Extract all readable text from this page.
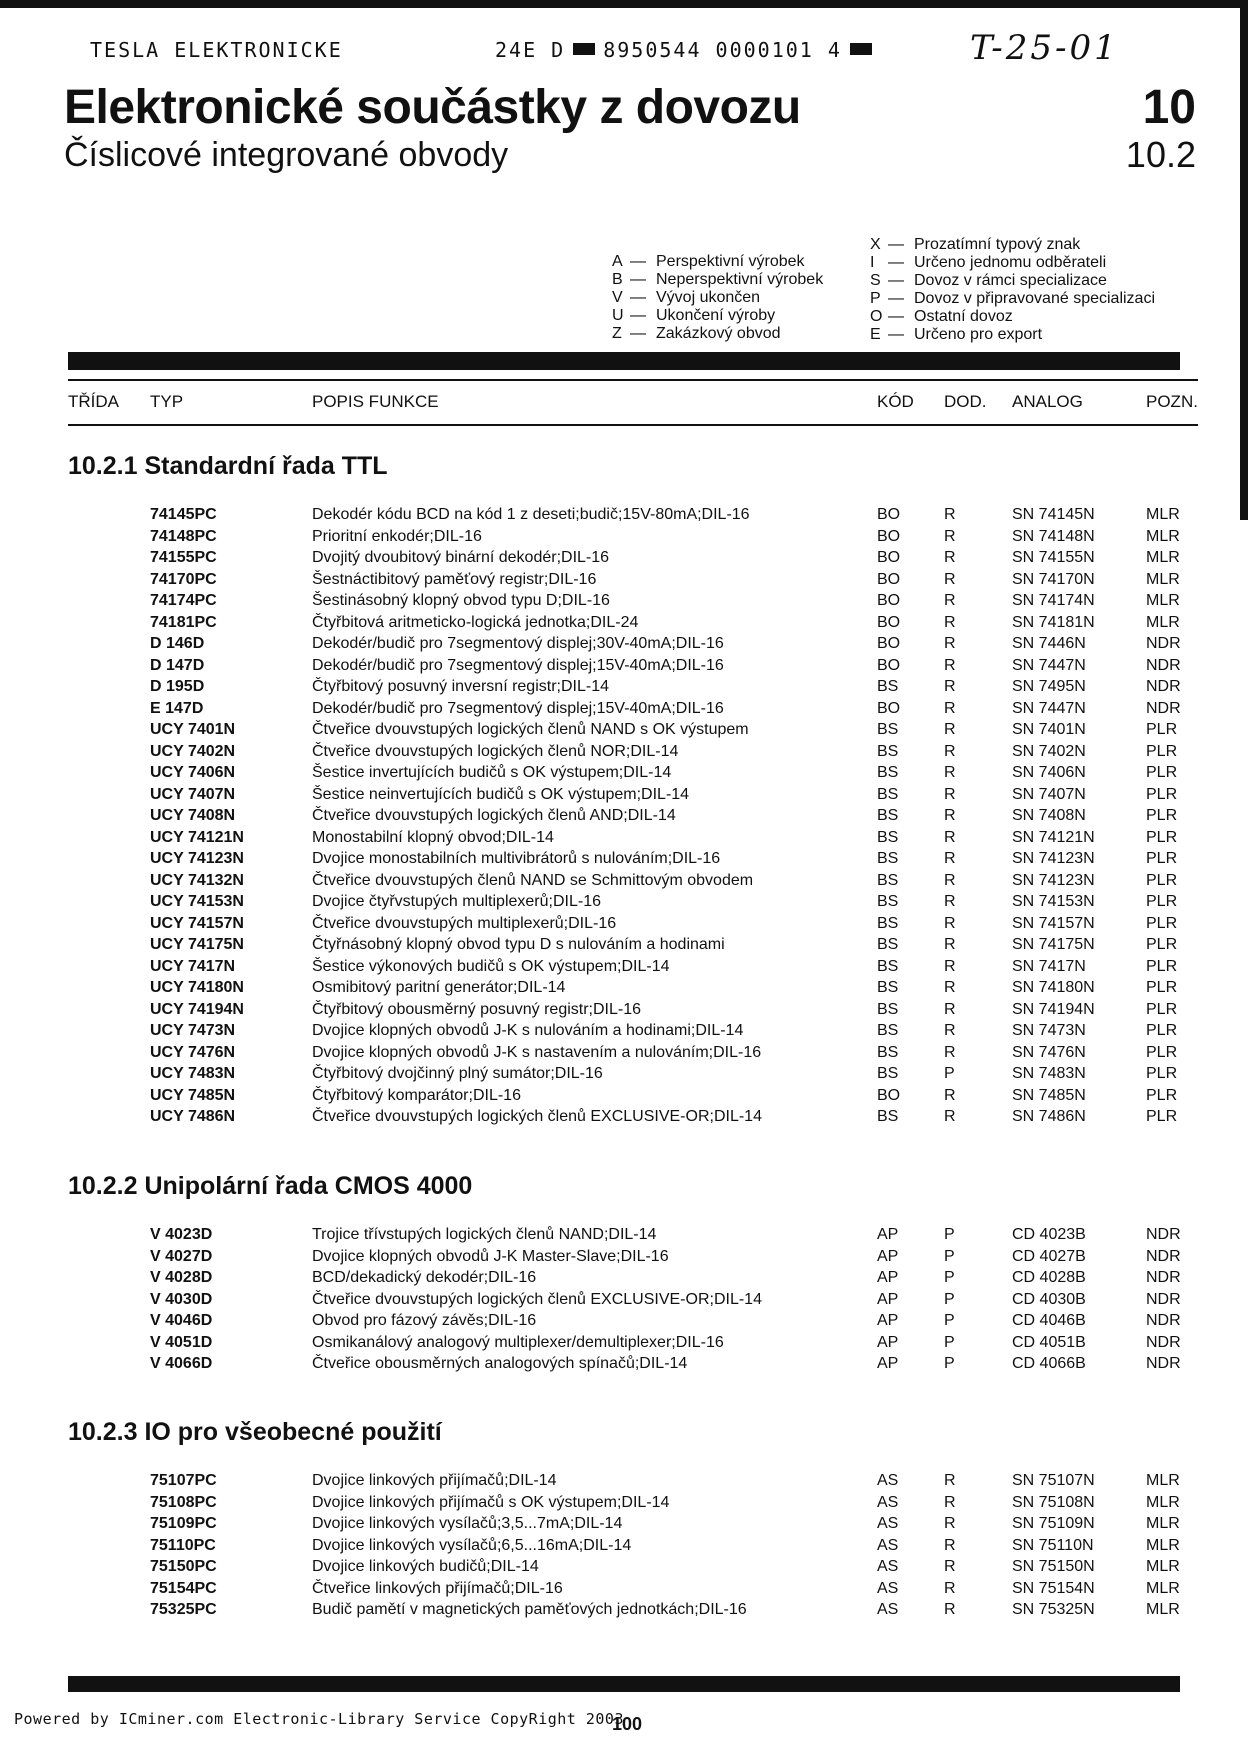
TESLA ELEKTRONICKE	24E D 8950544 0000101 4	T-25-01
Elektronické součástky z dovozu
Číslicové integrované obvody
10
10.2
A — Perspektivní výrobek
B — Neperspektivní výrobek
V — Vývoj ukončen
U — Ukončení výroby
Z — Zakázkový obvod
X — Prozatímní typový znak
I — Určeno jednomu odběrateli
S — Dovoz v rámci specializace
P — Dovoz v připravované specializaci
O — Ostatní dovoz
E — Určeno pro export
TŘÍDA TYP	POPIS FUNKCE	KÓD DOD. ANALOG	POZN.
10.2.1 Standardní řada TTL
74145PC	Dekodér kódu BCD na kód 1 z deseti;budič;15V-80mA;DIL-16	BO	R	SN 74145N	MLR
74148PC	Prioritní enkodér;DIL-16	BO	R	SN 74148N	MLR
74155PC	Dvojitý dvoubitový binární dekodér;DIL-16	BO	R	SN 74155N	MLR
74170PC	Šestnáctibitový paměťový registr;DIL-16	BO	R	SN 74170N	MLR
74174PC	Šestinásobný klopný obvod typu D;DIL-16	BO	R	SN 74174N	MLR
74181PC	Čtyřbitová aritmeticko-logická jednotka;DIL-24	BO	R	SN 74181N	MLR
D 146D	Dekodér/budič pro 7segmentový displej;30V-40mA;DIL-16	BO	R	SN 7446N	NDR
D 147D	Dekodér/budič pro 7segmentový displej;15V-40mA;DIL-16	BO	R	SN 7447N	NDR
D 195D	Čtyřbitový posuvný inversní registr;DIL-14	BS	R	SN 7495N	NDR
E 147D	Dekodér/budič pro 7segmentový displej;15V-40mA;DIL-16	BO	R	SN 7447N	NDR
UCY 7401N	Čtveřice dvouvstupých logických členů NAND s OK výstupem	BS	R	SN 7401N	PLR
UCY 7402N	Čtveřice dvouvstupých logických členů NOR;DIL-14	BS	R	SN 7402N	PLR
UCY 7406N	Šestice invertujících budičů s OK výstupem;DIL-14	BS	R	SN 7406N	PLR
UCY 7407N	Šestice neinvertujících budičů s OK výstupem;DIL-14	BS	R	SN 7407N	PLR
UCY 7408N	Čtveřice dvouvstupých logických členů AND;DIL-14	BS	R	SN 7408N	PLR
UCY 74121N	Monostabilní klopný obvod;DIL-14	BS	R	SN 74121N	PLR
UCY 74123N	Dvojice monostabilních multivibrátorů s nulováním;DIL-16	BS	R	SN 74123N	PLR
UCY 74132N	Čtveřice dvouvstupých členů NAND se Schmittovým obvodem	BS	R	SN 74123N	PLR
UCY 74153N	Dvojice čtyřvstupých multiplexerů;DIL-16	BS	R	SN 74153N	PLR
UCY 74157N	Čtveřice dvouvstupých multiplexerů;DIL-16	BS	R	SN 74157N	PLR
UCY 74175N	Čtyřnásobný klopný obvod typu D s nulováním a hodinami	BS	R	SN 74175N	PLR
UCY 7417N	Šestice výkonových budičů s OK výstupem;DIL-14	BS	R	SN 7417N	PLR
UCY 74180N	Osmibitový paritní generátor;DIL-14	BS	R	SN 74180N	PLR
UCY 74194N	Čtyřbitový obousměrný posuvný registr;DIL-16	BS	R	SN 74194N	PLR
UCY 7473N	Dvojice klopných obvodů J-K s nulováním a hodinami;DIL-14	BS	R	SN 7473N	PLR
UCY 7476N	Dvojice klopných obvodů J-K s nastavením a nulováním;DIL-16	BS	R	SN 7476N	PLR
UCY 7483N	Čtyřbitový dvojčinný plný sumátor;DIL-16	BS	P	SN 7483N	PLR
UCY 7485N	Čtyřbitový komparátor;DIL-16	BO	R	SN 7485N	PLR
UCY 7486N	Čtveřice dvouvstupých logických členů EXCLUSIVE-OR;DIL-14	BS	R	SN 7486N	PLR
10.2.2 Unipolární řada CMOS 4000
V 4023D	Trojice třívstupých logických členů NAND;DIL-14	AP	P	CD 4023B	NDR
V 4027D	Dvojice klopných obvodů J-K Master-Slave;DIL-16	AP	P	CD 4027B	NDR
V 4028D	BCD/dekadický dekodér;DIL-16	AP	P	CD 4028B	NDR
V 4030D	Čtveřice dvouvstupých logických členů EXCLUSIVE-OR;DIL-14	AP	P	CD 4030B	NDR
V 4046D	Obvod pro fázový závěs;DIL-16	AP	P	CD 4046B	NDR
V 4051D	Osmikanálový analogový multiplexer/demultiplexer;DIL-16	AP	P	CD 4051B	NDR
V 4066D	Čtveřice obousměrných analogových spínačů;DIL-14	AP	P	CD 4066B	NDR
10.2.3 IO pro všeobecné použití
75107PC	Dvojice linkových přijímačů;DIL-14	AS	R	SN 75107N	MLR
75108PC	Dvojice linkových přijímačů s OK výstupem;DIL-14	AS	R	SN 75108N	MLR
75109PC	Dvojice linkových vysílačů;3,5...7mA;DIL-14	AS	R	SN 75109N	MLR
75110PC	Dvojice linkových vysílačů;6,5...16mA;DIL-14	AS	R	SN 75110N	MLR
75150PC	Dvojice linkových budičů;DIL-14	AS	R	SN 75150N	MLR
75154PC	Čtveřice linkových přijímačů;DIL-16	AS	R	SN 75154N	MLR
75325PC	Budič pamětí v magnetických paměťových jednotkách;DIL-16	AS	R	SN 75325N	MLR
Powered by ICminer.com Electronic-Library Service CopyRight 2003
100
